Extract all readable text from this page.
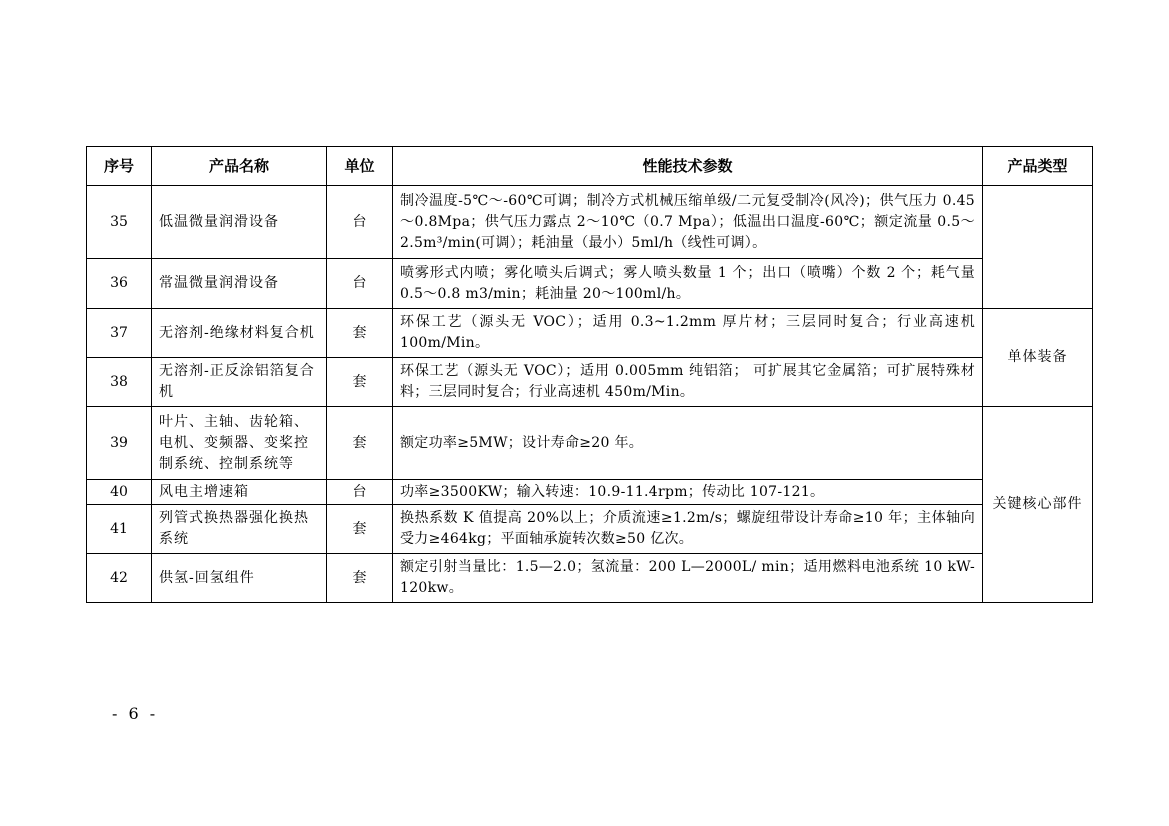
序号	产品名称	单位	性能技术参数	产品类型
35	低温微量润滑设备	台	制冷温度-5℃～-60℃可调；制冷方式机械压缩单级/二元复受制冷(风冷)；供气压力 0.45～0.8Mpa；供气压力露点 2～10℃（0.7 Mpa）；低温出口温度-60℃；额定流量 0.5～2.5m³/min(可调）；耗油量（最小）5ml/h（线性可调）。	
36	常温微量润滑设备	台	喷雾形式内喷；雾化喷头后调式；雾人喷头数量 1 个；出口（喷嘴）个数 2 个；耗气量 0.5～0.8 m3/min；耗油量 20～100ml/h。	
37	无溶剂-绝缘材料复合机	套	环保工艺（源头无 VOC）；适用 0.3~1.2mm 厚片材；三层同时复合；行业高速机 100m/Min。	单体装备
38	无溶剂-正反涂铝箔复合机	套	环保工艺（源头无 VOC）；适用 0.005mm 纯铝箔； 可扩展其它金属箔；可扩展特殊材料；三层同时复合；行业高速机 450m/Min。	
39	叶片、主轴、齿轮箱、电机、变频器、变桨控制系统、控制系统等	套	额定功率≥5MW；设计寿命≥20 年。	关键核心部件
40	风电主增速箱	台	功率≥3500KW；输入转速：10.9-11.4rpm；传动比 107-121。	
41	列管式换热器强化换热系统	套	换热系数 K 值提高 20%以上；介质流速≥1.2m/s；螺旋纽带设计寿命≥10 年；主体轴向受力≥464kg；平面轴承旋转次数≥50 亿次。	
42	供氢-回氢组件	套	额定引射当量比：1.5—2.0；氢流量：200 L—2000L/ min；适用燃料电池系统 10 kW-120kw。	
- 6 -
